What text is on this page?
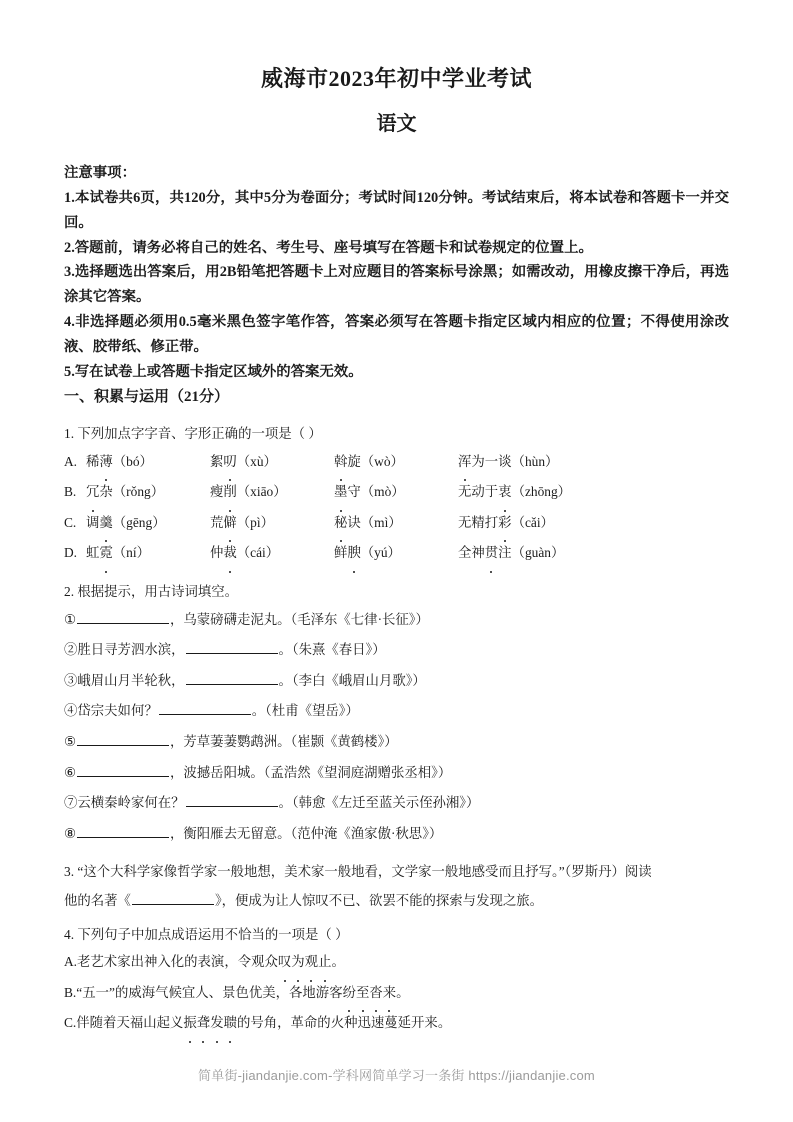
威海市2023年初中学业考试
语文
注意事项：
1.本试卷共6页，共120分，其中5分为卷面分；考试时间120分钟。考试结束后，将本试卷和答题卡一并交回。
2.答题前，请务必将自己的姓名、考生号、座号填写在答题卡和试卷规定的位置上。
3.选择题选出答案后，用2B铅笔把答题卡上对应题目的答案标号涂黑；如需改动，用橡皮擦干净后，再选涂其它答案。
4.非选择题必须用0.5毫米黑色签字笔作答，答案必须写在答题卡指定区域内相应的位置；不得使用涂改液、胶带纸、修正带。
5.写在试卷上或答题卡指定区域外的答案无效。
一、积累与运用（21分）
1. 下列加点字字音、字形正确的一项是（ ）
A. 稀薄（bó）	絮叨（xù）	斡旋（wò）	浑为一谈（hùn）
B. 冗杂（rǒng）	瘦削（xiāo）	墨守（mò）	无动于衷（zhōng）
C. 调羹（gēng）	荒僻（pì）	秘诀（mì）	无精打彩（cǎi）
D. 虹霓（ní）	仲裁（cái）	鲜腴（yú）	全神贯注（guàn）
2. 根据提示，用古诗词填空。
①	，乌蒙磅礴走泥丸。（毛泽东《七律·长征》）
②胜日寻芳泗水滨，	。（朱熹《春日》）
③峨眉山月半轮秋，	。（李白《峨眉山月歌》）
④岱宗夫如何？	。（杜甫《望岳》）
⑤	，芳草萋萋鹦鹉洲。（崔颢《黄鹤楼》）
⑥	，波撼岳阳城。（孟浩然《望洞庭湖赠张丞相》）
⑦云横秦岭家何在？	。（韩愈《左迁至蓝关示侄孙湘》）
⑧	，衡阳雁去无留意。（范仲淹《渔家傲·秋思》）
3. “这个大科学家像哲学家一般地想，美术家一般地看，文学家一般地感受而且抒写。”（罗斯丹）阅读
他的名著《	》，便成为让人惊叹不已、欲罢不能的探索与发现之旅。
4. 下列句子中加点成语运用不恰当的一项是（ ）
A.老艺术家出神入化的表演，令观众叹为观止。
B.“五一”的威海气候宜人、景色优美，各地游客纷至沓来。
C.伴随着天福山起义振聋发聩的号角，革命的火种迅速蔓延开来。
简单街-jiandanjie.com-学科网简单学习一条街 https://jiandanjie.com
